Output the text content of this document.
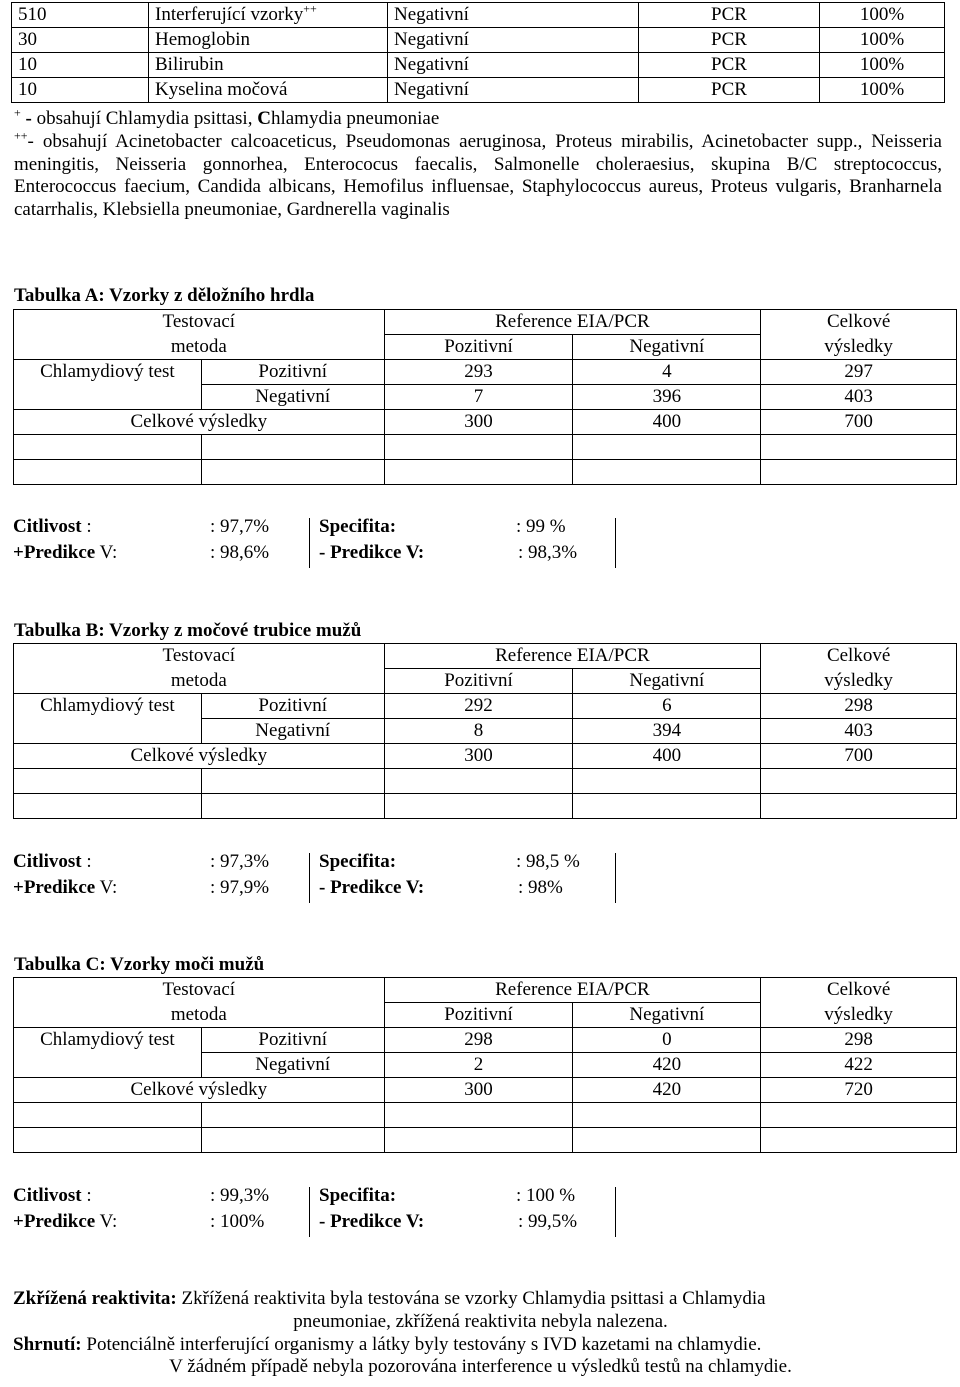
510	Interferující vzorky++	Negativní	PCR	100%
30	Hemoglobin	Negativní	PCR	100%
10	Bilirubin	Negativní	PCR	100%
10	Kyselina močová	Negativní	PCR	100%

+ - obsahují Chlamydia psittasi, Chlamydia pneumoniae

++- obsahují Acinetobacter calcoaceticus, Pseudomonas aeruginosa, Proteus mirabilis, Acinetobacter supp., Neisseria meningitis, Neisseria gonnorhea, Enterococus faecalis, Salmonelle choleraesius, skupina B/C streptococcus, Enterococcus faecium, Candida albicans, Hemofilus influensae, Staphylococcus aureus, Proteus vulgaris, Branharnela catarrhalis, Klebsiella pneumoniae, Gardnerella vaginalis

Tabulka A: Vzorky z děložního hrdla

Testovací		Reference EIA/PCR		Celkové
metoda		Pozitivní	Negativní	výsledky
Chlamydiový test	Pozitivní	293	4	297
	Negativní	7	396	403
Celkové výsledky		300	400	700

Citlivost :	: 97,7%	Specifita:	: 99 %
+Predikce V:	: 98,6%	- Predikce V:	: 98,3%

Tabulka B: Vzorky z močové trubice mužů

Testovací		Reference EIA/PCR		Celkové
metoda		Pozitivní	Negativní	výsledky
Chlamydiový test	Pozitivní	292	6	298
	Negativní	8	394	403
Celkové výsledky		300	400	700

Citlivost :	: 97,3%	Specifita:	: 98,5 %
+Predikce V:	: 97,9%	- Predikce V:	: 98%

Tabulka C: Vzorky moči mužů

Testovací		Reference EIA/PCR		Celkové
metoda		Pozitivní	Negativní	výsledky
Chlamydiový test	Pozitivní	298	0	298
	Negativní	2	420	422
Celkové výsledky		300	420	720

Citlivost :	: 99,3%	Specifita:	: 100 %
+Predikce V:	: 100%	- Predikce V:	: 99,5%

Zkřížená reaktivita: Zkřížená reaktivita byla testována se vzorky Chlamydia psittasi a Chlamydia

pneumoniae, zkřížená reaktivita nebyla nalezena.

Shrnutí: Potenciálně interferující organismy a látky byly testovány s IVD kazetami na chlamydie.

V žádném případě nebyla pozorována interference u výsledků testů na chlamydie.
